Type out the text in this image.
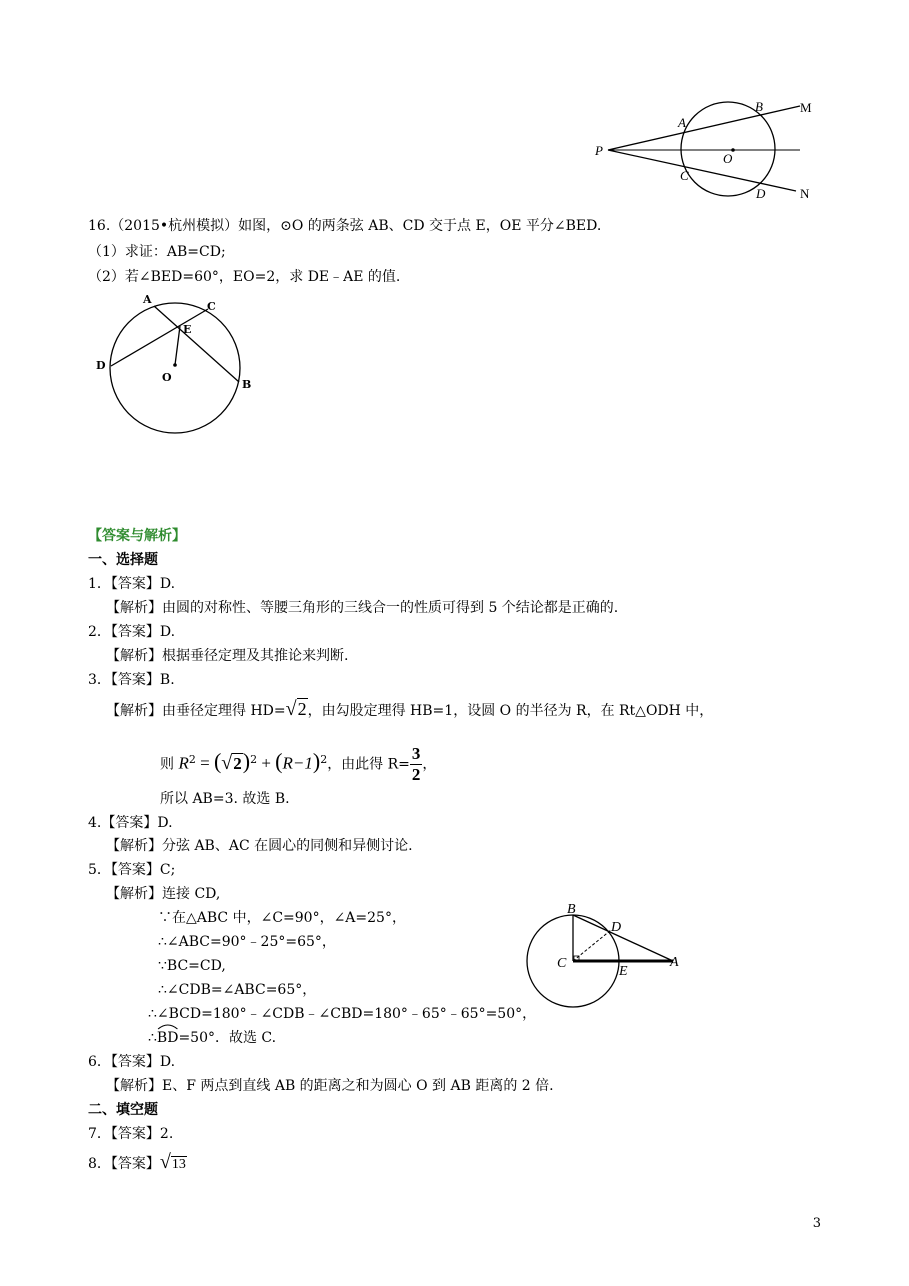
P
A
B	M
O
C
D	N
16.（2015•杭州模拟）如图，⊙O 的两条弦 AB、CD 交于点 E，OE 平分∠BED.
（1）求证：AB=CD;
（2）若∠BED=60°，EO=2，求 DE﹣AE 的值.
A
C
E
D
O
B
【答案与解析】
一、选择题
1．【答案】D.
【解析】由圆的对称性、等腰三角形的三线合一的性质可得到 5 个结论都是正确的.
2．【答案】D.
【解析】根据垂径定理及其推论来判断.
3．【答案】B.
【解析】由垂径定理得 HD=√2，由勾股定理得 HB=1，设圆 O 的半径为 R，在 Rt△ODH 中，
则 $R^2 = (√2)^2 + (R-1)^2$，由此得 $R= \frac{3}{2}$ ，
所以 AB=3. 故选 B.
4.【答案】D.
【解析】分弦 AB、AC 在圆心的同侧和异侧讨论.
5．【答案】C;
【解析】连接 CD,
∵在△ABC 中，∠C=90°，∠A=25°，
∴∠ABC=90°﹣25°=65°，
∵BC=CD,
∴∠CDB=∠ABC=65°，
∴∠BCD=180°﹣∠CDB﹣∠CBD=180°﹣65°﹣65°=50°，
∴
BD=50°．故选 C.
B
D
C
E
A
6．【答案】D.
【解析】E、F 两点到直线 AB 的距离之和为圆心 O 到 AB 距离的 2 倍.
二、填空题
7．【答案】2.
8．【答案】√13
3
